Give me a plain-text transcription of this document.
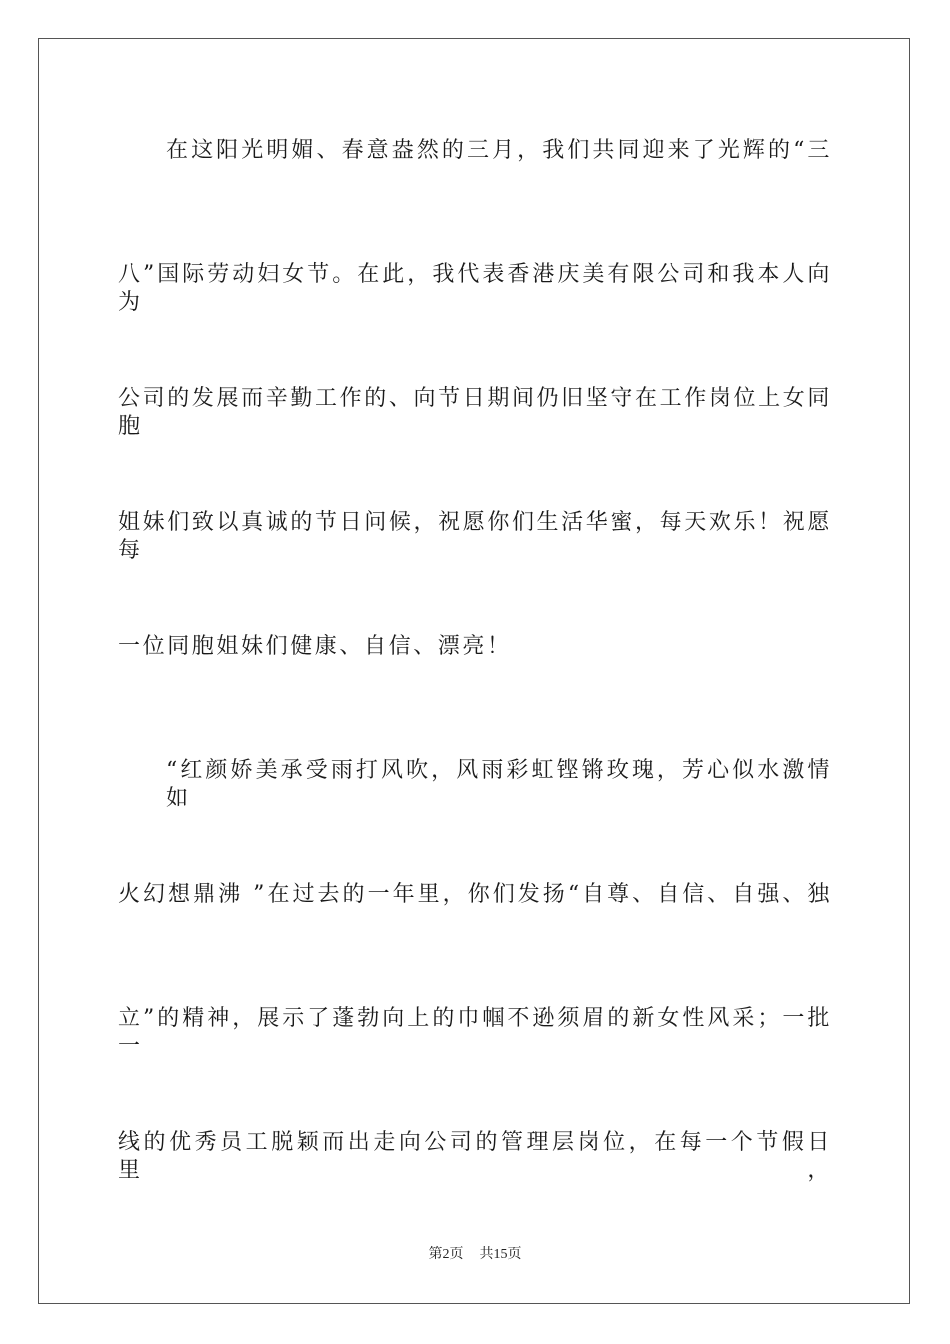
在这阳光明媚、春意盎然的三月，我们共同迎来了光辉的“三
八”国际劳动妇女节。在此，我代表香港庆美有限公司和我本人向为
公司的发展而辛勤工作的、向节日期间仍旧坚守在工作岗位上女同胞
姐妹们致以真诚的节日问候，祝愿你们生活华蜜，每天欢乐！祝愿每
一位同胞姐妹们健康、自信、漂亮！
“红颜娇美承受雨打风吹，风雨彩虹铿锵玫瑰，芳心似水激情如
火幻想鼎沸 ”在过去的一年里，你们发扬“自尊、自信、自强、独
立”的精神，展示了蓬勃向上的巾帼不逊须眉的新女性风采；一批一
线的优秀员工脱颖而出走向公司的管理层岗位，在每一个节假日里，
第2页 共15页
